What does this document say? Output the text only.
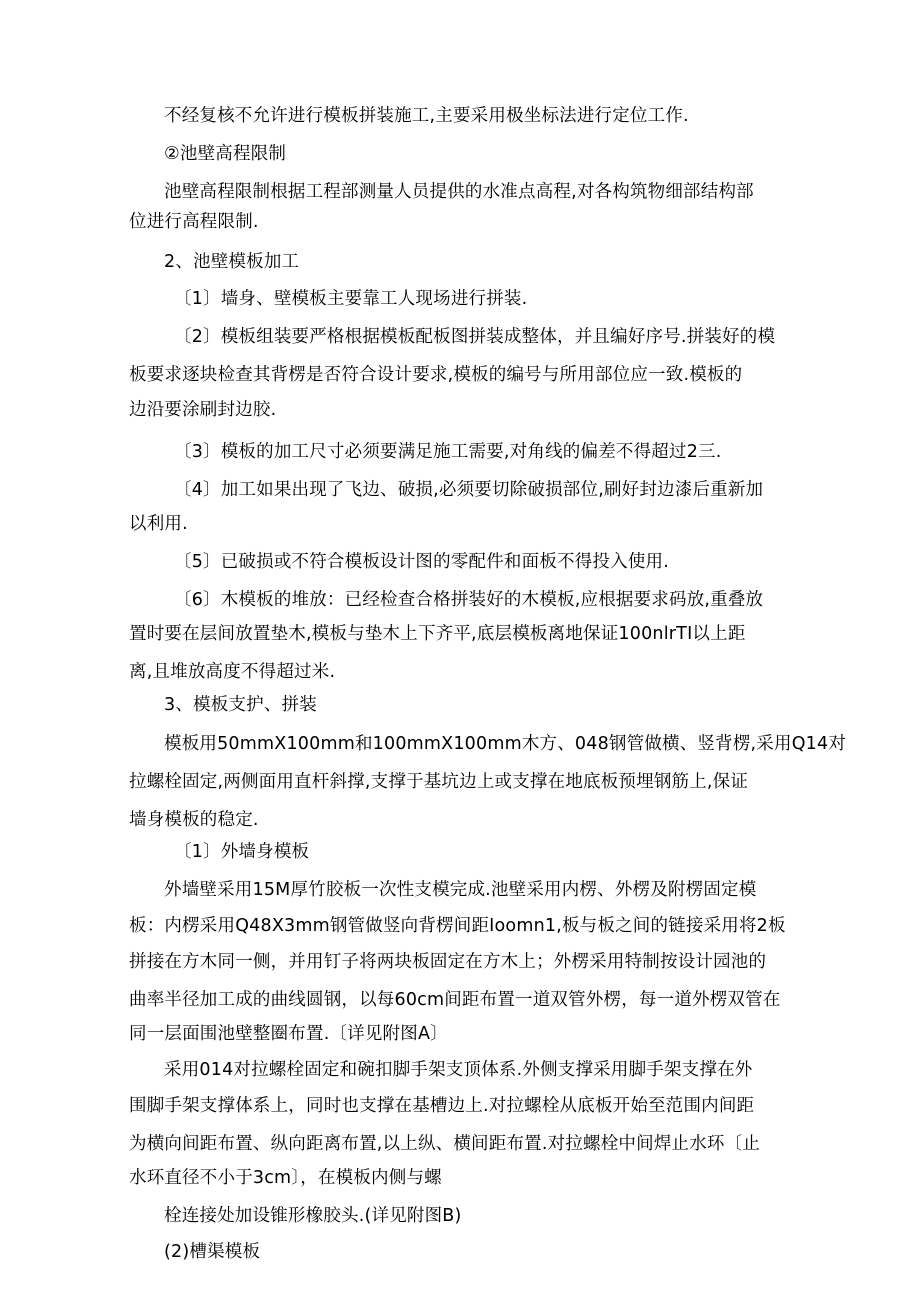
不经复核不允许进行模板拼装施工,主要采用极坐标法进行定位工作.
②池壁高程限制
池壁高程限制根据工程部测量人员提供的水准点高程,对各构筑物细部结构部
位进行高程限制.
2、池壁模板加工
〔1〕墙身、壁模板主要靠工人现场进行拼装.
〔2〕模板组装要严格根据模板配板图拼装成整体，并且编好序号.拼装好的模
板要求逐块检查其背楞是否符合设计要求,模板的编号与所用部位应一致.模板的
边沿要涂刷封边胶.
〔3〕模板的加工尺寸必须要满足施工需要,对角线的偏差不得超过2三.
〔4〕加工如果出现了飞边、破损,必须要切除破损部位,刷好封边漆后重新加
以利用.
〔5〕已破损或不符合模板设计图的零配件和面板不得投入使用.
〔6〕木模板的堆放：已经检查合格拼装好的木模板,应根据要求码放,重叠放
置时要在层间放置垫木,模板与垫木上下齐平,底层模板离地保证100nlrTI以上距
离,且堆放高度不得超过米.
3、模板支护、拼装
模板用50mmX100mm和100mmX100mm木方、048钢管做横、竖背楞,采用Q14对
拉螺栓固定,两侧面用直杆斜撑,支撑于基坑边上或支撑在地底板预埋钢筋上,保证
墙身模板的稳定.
〔1〕外墙身模板
外墙壁采用15M厚竹胶板一次性支模完成.池壁采用内楞、外楞及附楞固定模
板：内楞采用Q48X3mm钢管做竖向背楞间距Ioomn1,板与板之间的链接采用将2板
拼接在方木同一侧，并用钉子将两块板固定在方木上；外楞采用特制按设计园池的
曲率半径加工成的曲线圆钢，以每60cm间距布置一道双管外楞，每一道外楞双管在
同一层面围池壁整圈布置.〔详见附图A〕
采用014对拉螺栓固定和碗扣脚手架支顶体系.外侧支撑采用脚手架支撑在外
围脚手架支撑体系上，同时也支撑在基槽边上.对拉螺栓从底板开始至范围内间距
为横向间距布置、纵向距离布置,以上纵、横间距布置.对拉螺栓中间焊止水环〔止
水环直径不小于3cm〕，在模板内侧与螺
栓连接处加设锥形橡胶头.(详见附图B)
(2)槽渠模板
